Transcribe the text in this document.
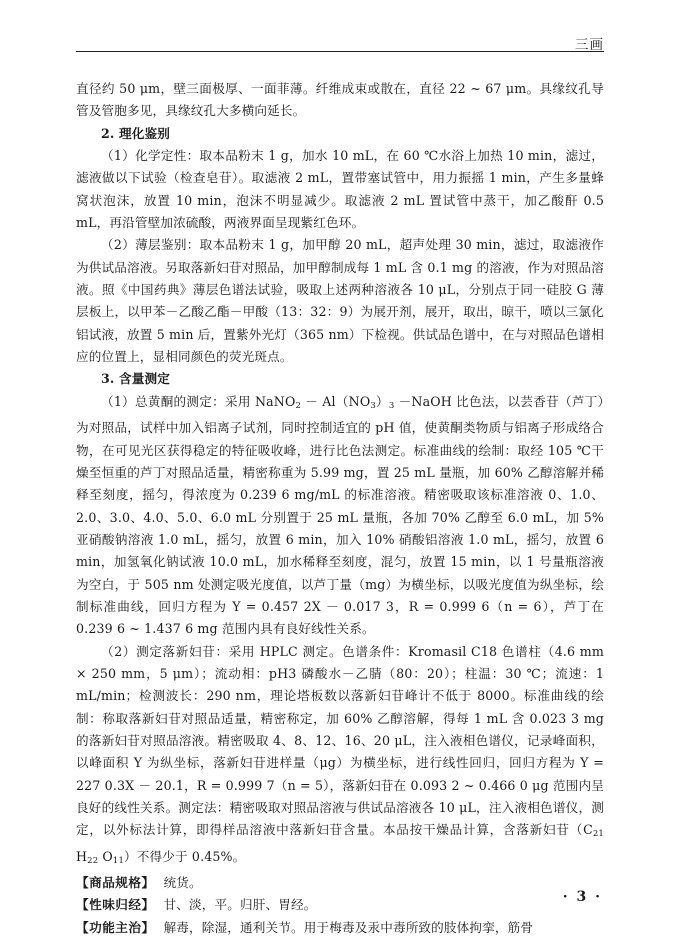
三画

直径约 50 μm，壁三面极厚、一面菲薄。纤维成束或散在，直径 22 ~ 67 μm。具缘纹孔导管及管胞多见，具缘纹孔大多横向延长。

2. 理化鉴别

（1）化学定性：取本品粉末 1 g，加水 10 mL，在 60 ℃水浴上加热 10 min，滤过，滤液做以下试验（检查皂苷）。取滤液 2 mL，置带塞试管中，用力振摇 1 min，产生多量蜂窝状泡沫，放置 10 min，泡沫不明显减少。取滤液 2 mL 置试管中蒸干，加乙酸酐 0.5 mL，再沿管壁加浓硫酸，两液界面呈现紫红色环。

（2）薄层鉴别：取本品粉末 1 g，加甲醇 20 mL，超声处理 30 min，滤过，取滤液作为供试品溶液。另取落新妇苷对照品，加甲醇制成每 1 mL 含 0.1 mg 的溶液，作为对照品溶液。照《中国药典》薄层色谱法试验，吸取上述两种溶液各 10 μL，分别点于同一硅胶 G 薄层板上，以甲苯－乙酸乙酯－甲酸（13：32：9）为展开剂，展开，取出，晾干，喷以三氯化铝试液，放置 5 min 后，置紫外光灯（365 nm）下检视。供试品色谱中，在与对照品色谱相应的位置上，显相同颜色的荧光斑点。

3. 含量测定

（1）总黄酮的测定：采用 NaNO$_2$ － $Al(NO_3)_3$ －NaOH 比色法，以芸香苷（芦丁）为对照品，试样中加入铝离子试剂，同时控制适宜的 pH 值，使黄酮类物质与铝离子形成络合物，在可见光区获得稳定的特征吸收峰，进行比色法测定。标准曲线的绘制：取经 105 ℃干燥至恒重的芦丁对照品适量，精密称重为 5.99 mg，置 25 mL 量瓶，加 60% 乙醇溶解并稀释至刻度，摇匀，得浓度为 0.239 6 mg/mL 的标准溶液。精密吸取该标准溶液 0、1.0、2.0、3.0、4.0、5.0、6.0 mL 分别置于 25 mL 量瓶，各加 70% 乙醇至 6.0 mL，加 5% 亚硝酸钠溶液 1.0 mL，摇匀，放置 6 min，加入 10% 硝酸铝溶液 1.0 mL，摇匀，放置 6 min，加氢氧化钠试液 10.0 mL，加水稀释至刻度，混匀，放置 15 min，以 1 号量瓶溶液为空白，于 505 nm 处测定吸光度值，以芦丁量（mg）为横坐标，以吸光度值为纵坐标，绘制标准曲线，回归方程为 Y = 0.457 2X － 0.017 3，R = 0.999 6（n = 6），芦丁在 0.239 6 ~ 1.437 6 mg 范围内具有良好线性关系。

（2）测定落新妇苷：采用 HPLC 测定。色谱条件：Kromasil C18 色谱柱（4.6 mm × 250 mm，5 μm）；流动相：pH3 磷酸水－乙腈（80：20）；柱温：30 ℃；流速：1 mL/min；检测波长：290 nm，理论塔板数以落新妇苷峰计不低于 8000。标准曲线的绘制：称取落新妇苷对照品适量，精密称定，加 60% 乙醇溶解，得每 1 mL 含 0.023 3 mg 的落新妇苷对照品溶液。精密吸取 4、8、12、16、20 μL，注入液相色谱仪，记录峰面积，以峰面积 Y 为纵坐标，落新妇苷进样量（μg）为横坐标，进行线性回归，回归方程为 Y = 227 0.3X － 20.1，R = 0.999 7（n = 5），落新妇苷在 0.093 2 ~ 0.466 0 μg 范围内呈良好的线性关系。测定法：精密吸取对照品溶液与供试品溶液各 10 μL，注入液相色谱仪，测定，以外标法计算，即得样品溶液中落新妇苷含量。本品按干燥品计算，含落新妇苷（$C_{21}$ $H_{22}$ $O_{11}$）不得少于 0.45%。

【商品规格】 统货。

【性味归经】 甘、淡，平。归肝、胃经。

【功能主治】 解毒，除湿，通利关节。用于梅毒及汞中毒所致的肢体拘挛，筋骨

· 3 ·
